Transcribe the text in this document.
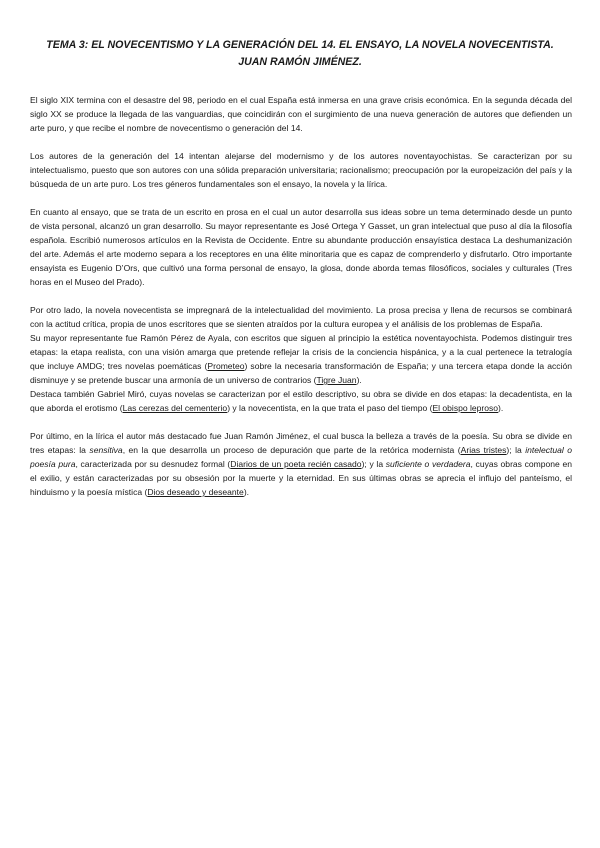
TEMA 3: EL NOVECENTISMO Y LA GENERACIÓN DEL 14. EL ENSAYO, LA NOVELA NOVECENTISTA.
JUAN RAMÓN JIMÉNEZ.

El siglo XIX termina con el desastre del 98, periodo en el cual España está inmersa en una grave crisis económica. En la segunda década del siglo XX se produce la llegada de las vanguardias, que coincidirán con el surgimiento de una nueva generación de autores que defienden un arte puro, y que recibe el nombre de novecentismo o generación del 14.

Los autores de la generación del 14 intentan alejarse del modernismo y de los autores noventayochistas. Se caracterizan por su intelectualismo, puesto que son autores con una sólida preparación universitaria; racionalismo; preocupación por la europeización del país y la búsqueda de un arte puro. Los tres géneros fundamentales son el ensayo, la novela y la lírica.

En cuanto al ensayo, que se trata de un escrito en prosa en el cual un autor desarrolla sus ideas sobre un tema determinado desde un punto de vista personal, alcanzó un gran desarrollo. Su mayor representante es José Ortega Y Gasset, un gran intelectual que puso al día la filosofía española. Escribió numerosos artículos en la Revista de Occidente. Entre su abundante producción ensayística destaca La deshumanización del arte. Además el arte moderno separa a los receptores en una élite minoritaria que es capaz de comprenderlo y disfrutarlo. Otro importante ensayista es Eugenio D’Ors, que cultivó una forma personal de ensayo, la glosa, donde aborda temas filosóficos, sociales y culturales (Tres horas en el Museo del Prado).

Por otro lado, la novela novecentista se impregnará de la intelectualidad del movimiento. La prosa precisa y llena de recursos se combinará con la actitud crítica, propia de unos escritores que se sienten atraídos por la cultura europea y el análisis de los problemas de España.

Su mayor representante fue Ramón Pérez de Ayala, con escritos que siguen al principio la estética noventayochista. Podemos distinguir tres etapas: la etapa realista, con una visión amarga que pretende reflejar la crisis de la conciencia hispánica, y a la cual pertenece la tetralogía que incluye AMDG; tres novelas poemáticas (Prometeo) sobre la necesaria transformación de España; y una tercera etapa donde la acción disminuye y se pretende buscar una armonía de un universo de contrarios (Tigre Juan).

Destaca también Gabriel Miró, cuyas novelas se caracterizan por el estilo descriptivo, su obra se divide en dos etapas: la decadentista, en la que aborda el erotismo (Las cerezas del cementerio) y la novecentista, en la que trata el paso del tiempo (El obispo leproso).

Por último, en la lírica el autor más destacado fue Juan Ramón Jiménez, el cual busca la belleza a través de la poesía. Su obra se divide en tres etapas: la sensitiva, en la que desarrolla un proceso de depuración que parte de la retórica modernista (Arias tristes); la intelectual o poesía pura, caracterizada por su desnudez formal (Diarios de un poeta recién casado); y la suficiente o verdadera, cuyas obras compone en el exilio, y están caracterizadas por su obsesión por la muerte y la eternidad. En sus últimas obras se aprecia el influjo del panteísmo, el hinduismo y la poesía mística (Dios deseado y deseante).
